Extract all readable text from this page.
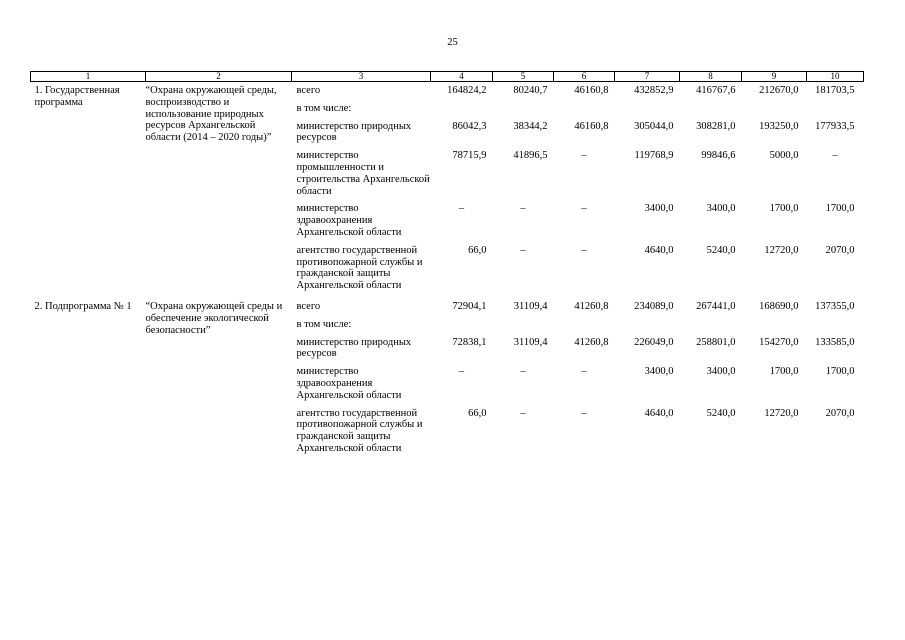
25
1	2	3	4	5	6	7	8	9	10
1. Государственная программа	“Охрана окружающей среды, воспроизводство и использование природных ресурсов Архангельской области (2014 – 2020 годы)”	всего	164824,2	80240,7	46160,8	432852,9	416767,6	212670,0	181703,5
		в том числе:							
		министерство природных ресурсов	86042,3	38344,2	46160,8	305044,0	308281,0	193250,0	177933,5
		министерство промышленности и строительства Архангельской области	78715,9	41896,5	–	119768,9	99846,6	5000,0	–
		министерство здравоохранения Архангельской области	–	–	–	3400,0	3400,0	1700,0	1700,0
		агентство государственной противопожарной службы и гражданской защиты Архангельской области	66,0	–	–	4640,0	5240,0	12720,0	2070,0
2. Подпрограмма № 1	“Охрана окружающей среды и обеспечение экологической безопасности”	всего	72904,1	31109,4	41260,8	234089,0	267441,0	168690,0	137355,0
		в том числе:							
		министерство природных ресурсов	72838,1	31109,4	41260,8	226049,0	258801,0	154270,0	133585,0
		министерство здравоохранения Архангельской области	–	–	–	3400,0	3400,0	1700,0	1700,0
		агентство государственной противопожарной службы и гражданской защиты Архангельской области	66,0	–	–	4640,0	5240,0	12720,0	2070,0
